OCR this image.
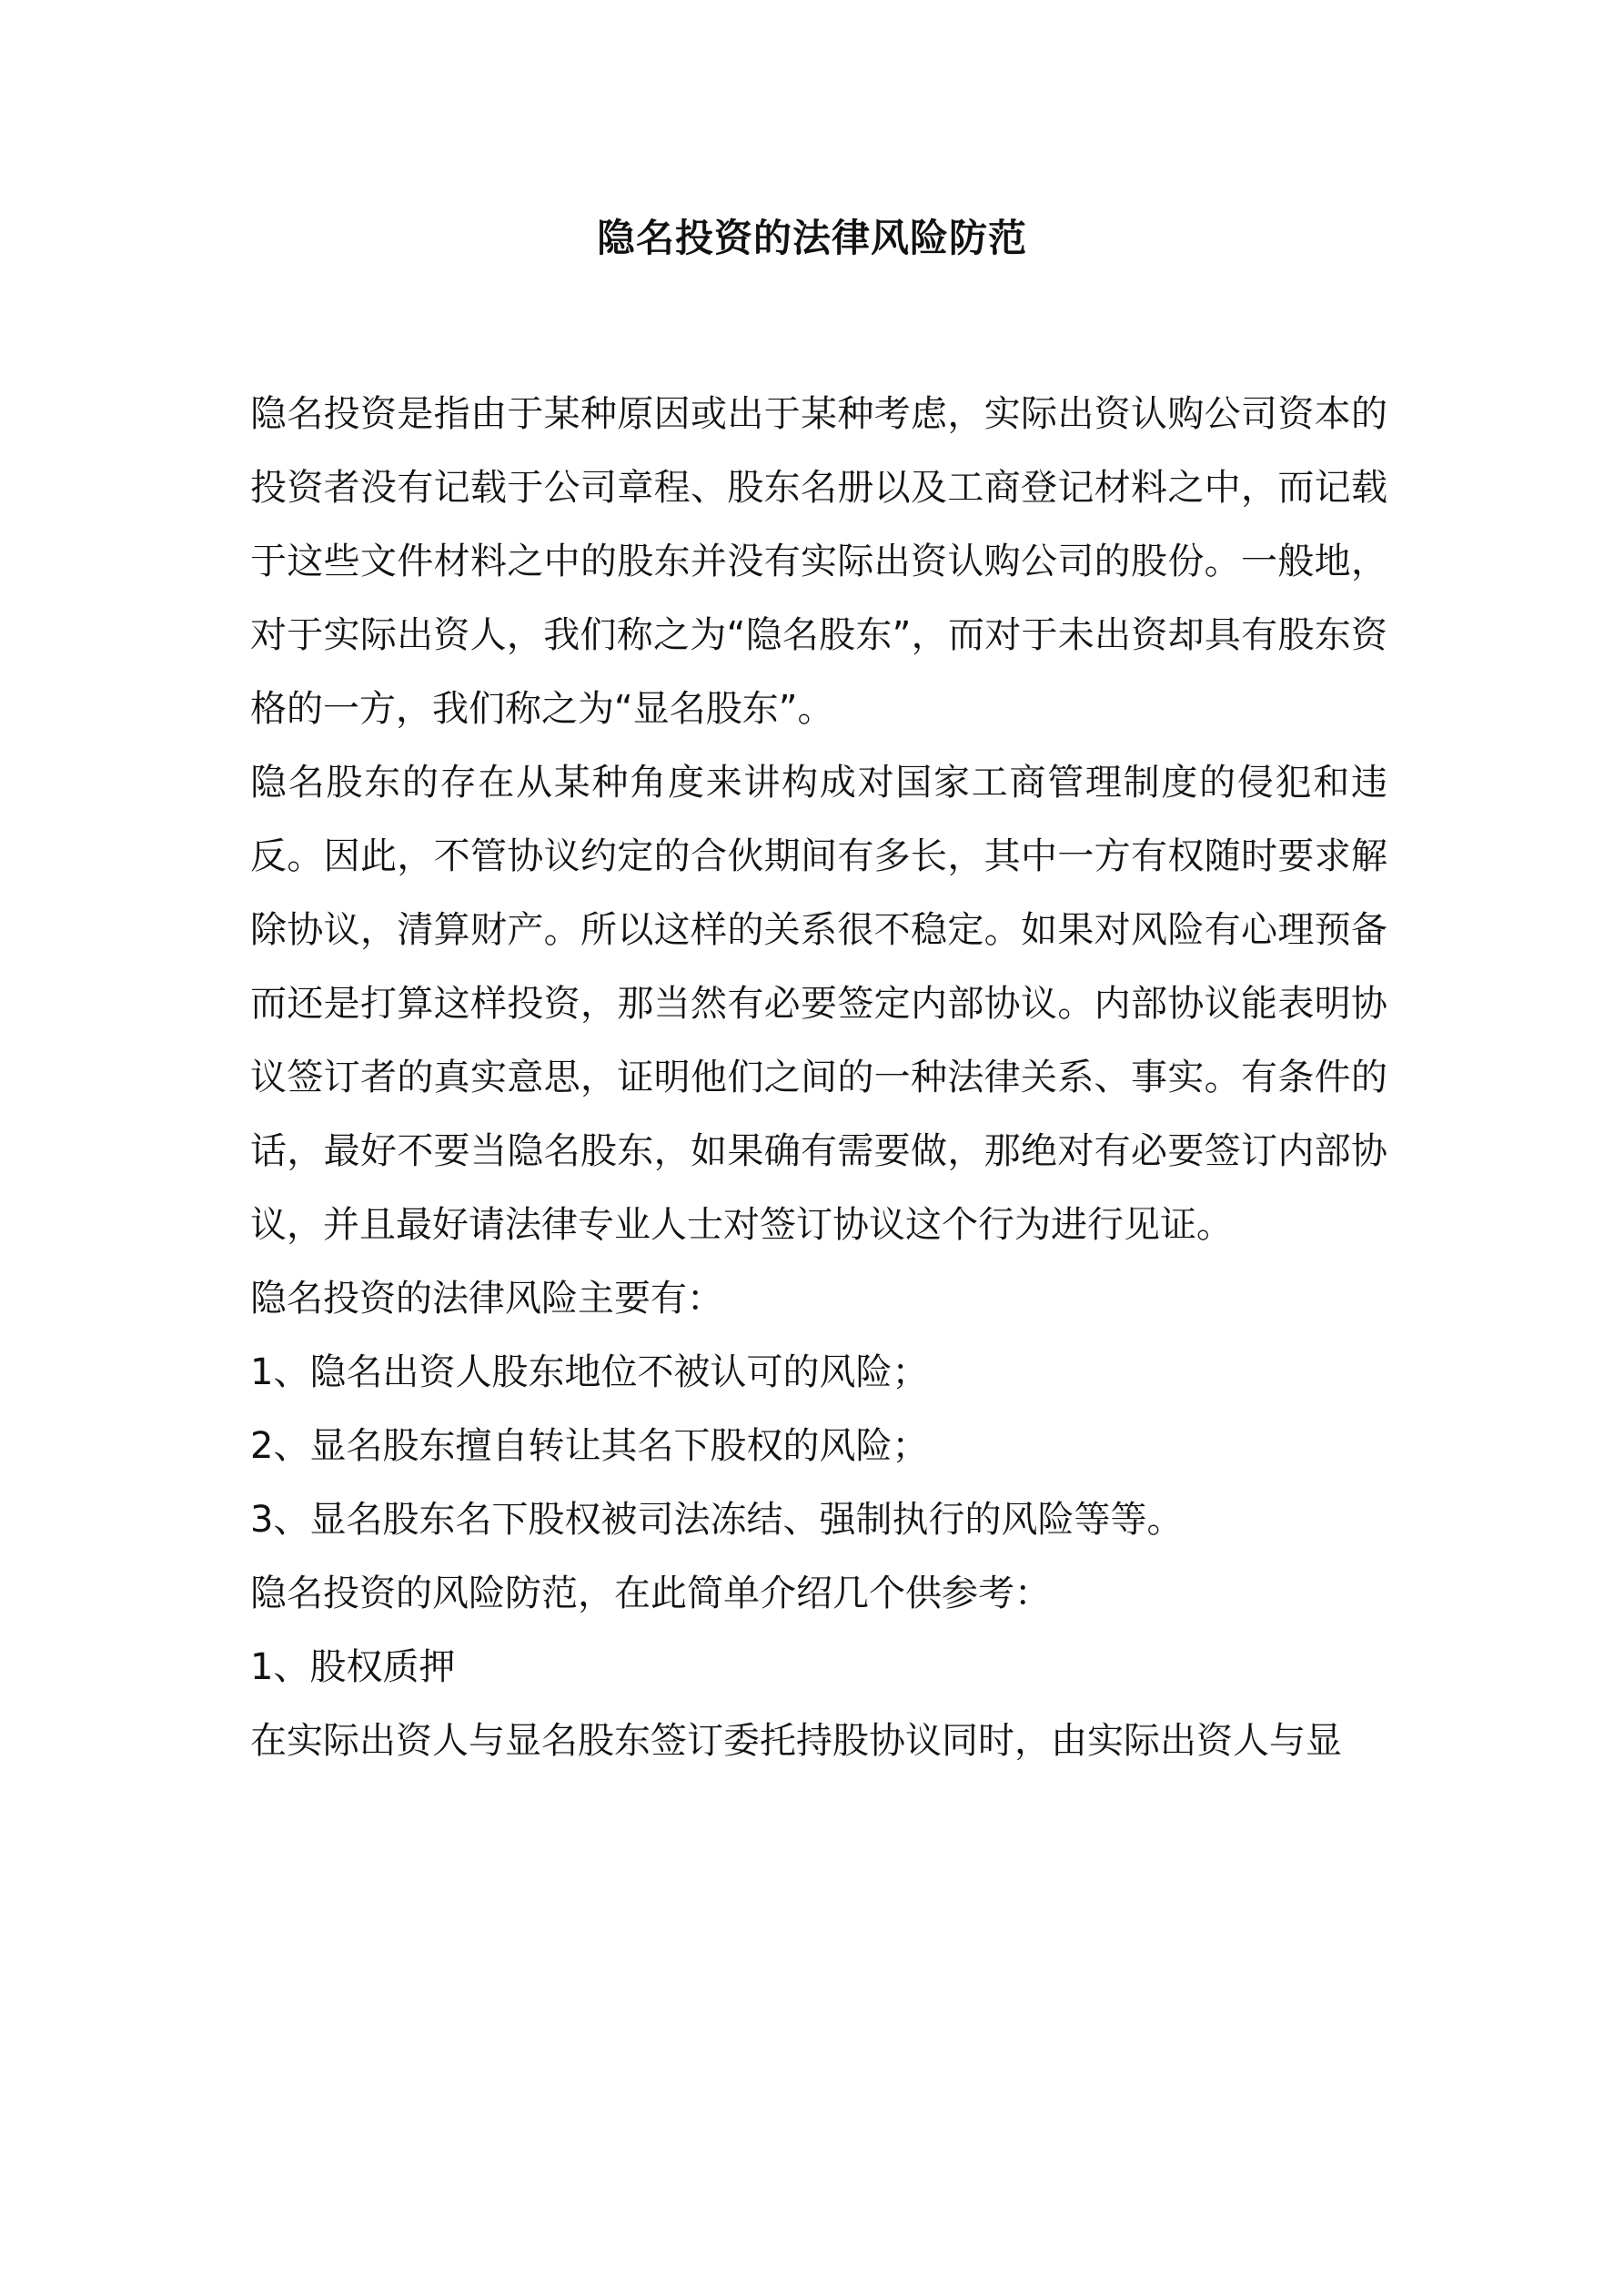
隐名投资的法律风险防范

隐名投资是指由于某种原因或出于某种考虑，实际出资认购公司资本的投资者没有记载于公司章程、股东名册以及工商登记材料之中，而记载于这些文件材料之中的股东并没有实际出资认购公司的股份。一般地，对于实际出资人，我们称之为“隐名股东”，而对于未出资却具有股东资格的一方，我们称之为“显名股东”。

隐名股东的存在从某种角度来讲构成对国家工商管理制度的侵犯和违反。因此，不管协议约定的合伙期间有多长，其中一方有权随时要求解除协议，清算财产。所以这样的关系很不稳定。如果对风险有心理预备而还是打算这样投资，那当然有必要签定内部协议。内部协议能表明协议签订者的真实意思，证明他们之间的一种法律关系、事实。有条件的话，最好不要当隐名股东，如果确有需要做，那绝对有必要签订内部协议，并且最好请法律专业人士对签订协议这个行为进行见证。

隐名投资的法律风险主要有：

1、隐名出资人股东地位不被认可的风险；

2、显名股东擅自转让其名下股权的风险；

3、显名股东名下股权被司法冻结、强制执行的风险等等。

隐名投资的风险防范，在此简单介绍几个供参考：

1、股权质押

在实际出资人与显名股东签订委托持股协议同时，由实际出资人与显
